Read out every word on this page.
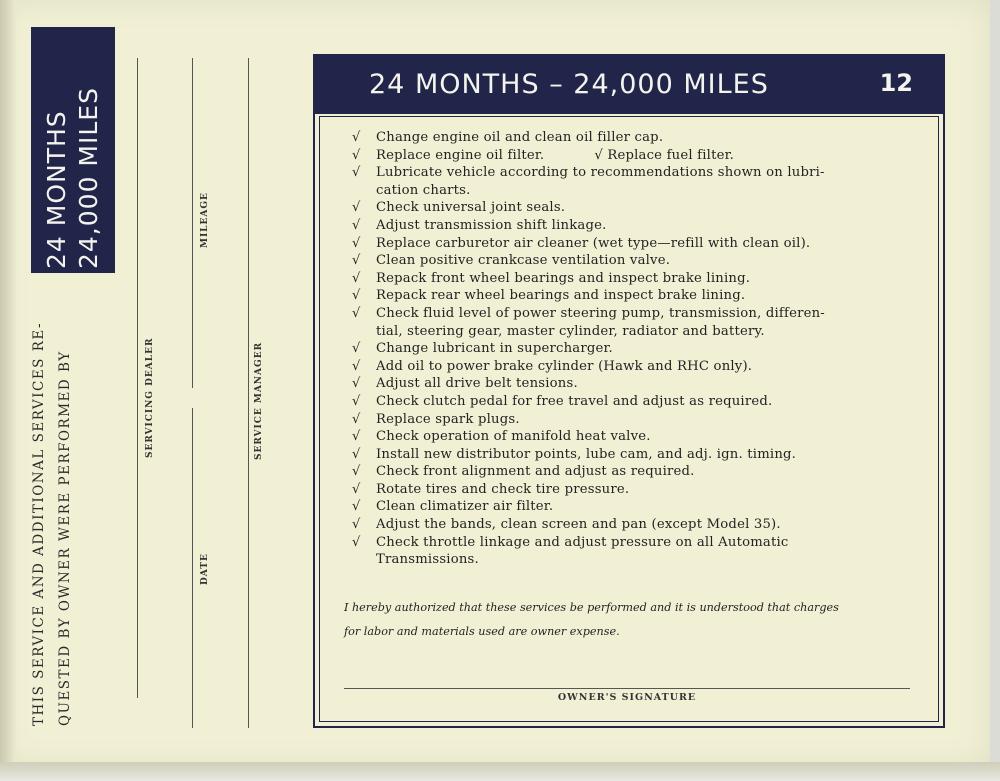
24 MONTHS 24,000 MILES
THIS SERVICE AND ADDITIONAL SERVICES RE- QUESTED BY OWNER WERE PERFORMED BY	SERVICING DEALER
MILEAGE
DATE
SERVICE MANAGER
24 MONTHS – 24,000 MILES	12
√ Change engine oil and clean oil filler cap.
√ Replace engine oil filter.	√ Replace fuel filter.
√ Lubricate vehicle according to recommendations shown on lubri-
cation charts.
√ Check universal joint seals.
√ Adjust transmission shift linkage.
√ Replace carburetor air cleaner (wet type—refill with clean oil).
√ Clean positive crankcase ventilation valve.
√ Repack front wheel bearings and inspect brake lining.
√ Repack rear wheel bearings and inspect brake lining.
√ Check fluid level of power steering pump, transmission, differen-
tial, steering gear, master cylinder, radiator and battery.
√ Change lubricant in supercharger.
√ Add oil to power brake cylinder (Hawk and RHC only).
√ Adjust all drive belt tensions.
√ Check clutch pedal for free travel and adjust as required.
√ Replace spark plugs.
√ Check operation of manifold heat valve.
√ Install new distributor points, lube cam, and adj. ign. timing.
√ Check front alignment and adjust as required.
√ Rotate tires and check tire pressure.
√ Clean climatizer air filter.
√ Adjust the bands, clean screen and pan (except Model 35).
√ Check throttle linkage and adjust pressure on all Automatic
Transmissions.
I hereby authorized that these services be performed and it is understood that charges
for labor and materials used are owner expense.
OWNER'S SIGNATURE
